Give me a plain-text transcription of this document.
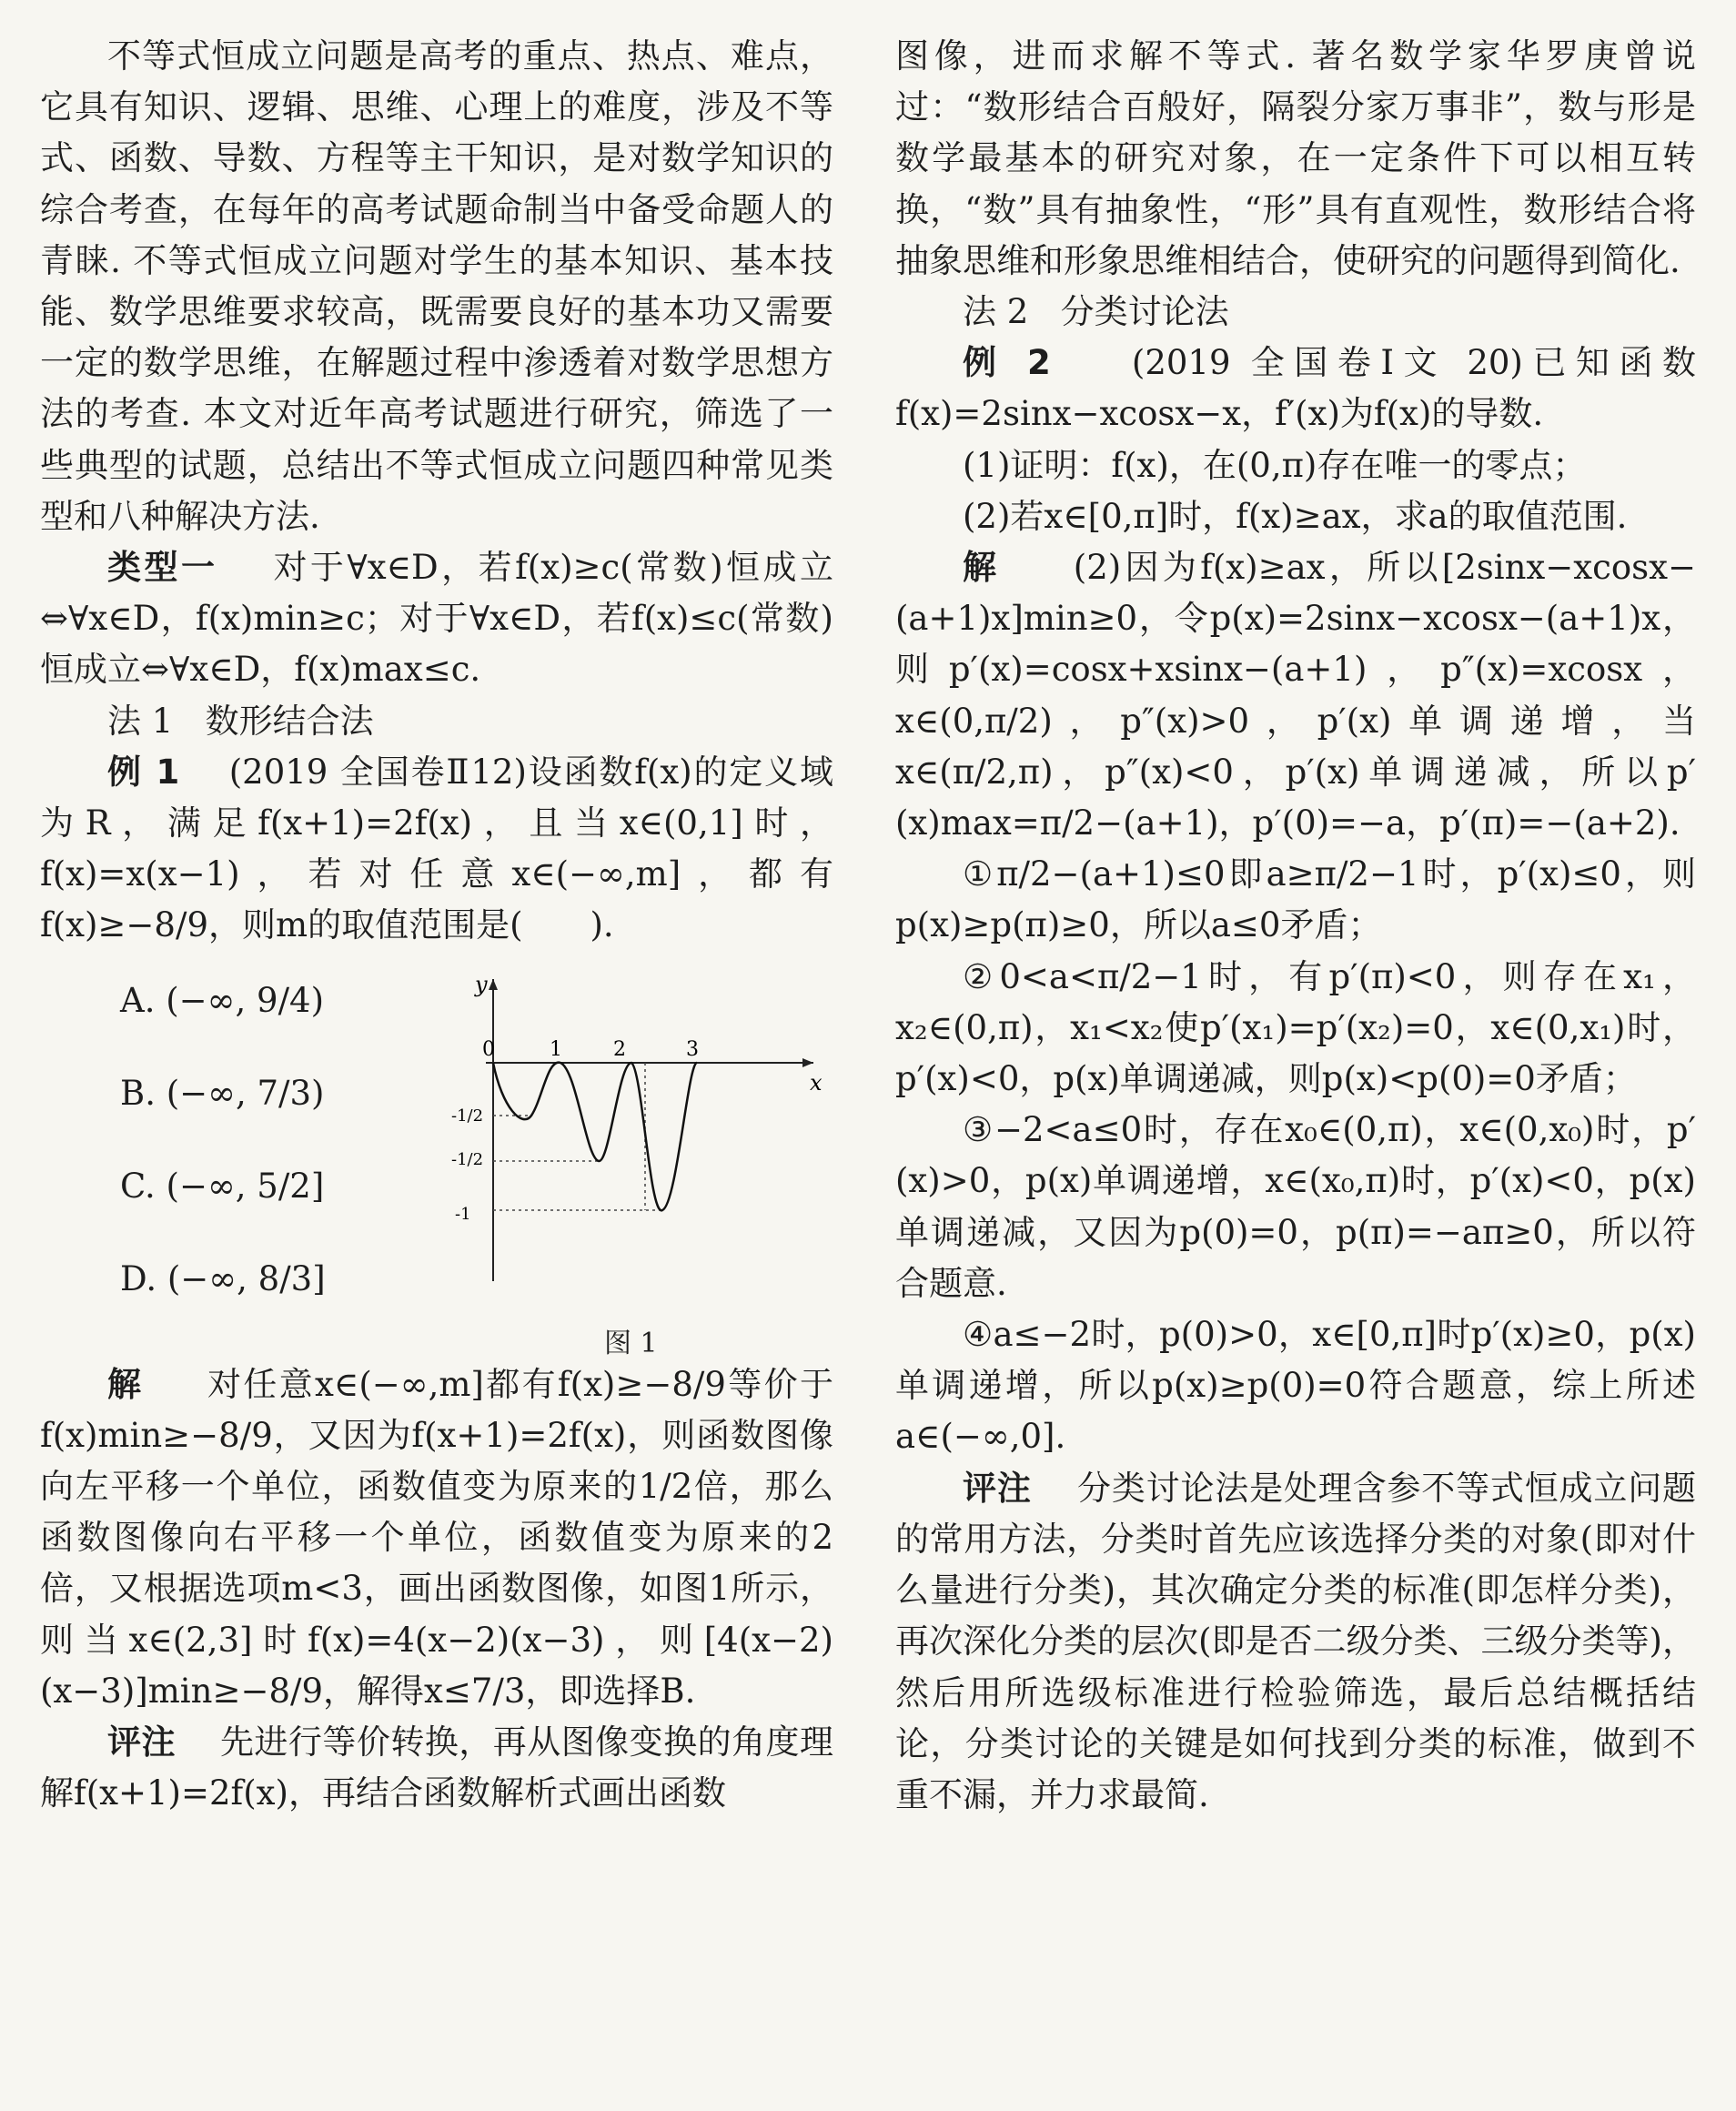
不等式恒成立问题是高考的重点、热点、难点，它具有知识、逻辑、思维、心理上的难度，涉及不等式、函数、导数、方程等主干知识，是对数学知识的综合考查，在每年的高考试题命制当中备受命题人的青睐. 不等式恒成立问题对学生的基本知识、基本技能、数学思维要求较高，既需要良好的基本功又需要一定的数学思维，在解题过程中渗透着对数学思想方法的考查. 本文对近年高考试题进行研究，筛选了一些典型的试题，总结出不等式恒成立问题四种常见类型和八种解决方法.

类型一 对于∀x∈D，若f(x)≥c(常数)恒成立⇔∀x∈D，f(x)min≥c；对于∀x∈D，若f(x)≤c(常数)恒成立⇔∀x∈D，f(x)max≤c.

法 1 数形结合法

例 1 (2019 全国卷Ⅱ12)设函数f(x)的定义域为R，满足f(x+1)=2f(x)，且当x∈(0,1]时，f(x)=x(x−1)，若对任意x∈(−∞,m]，都有f(x)≥−8/9，则m的取值范围是(　　).

A. (−∞, 9/4)
B. (−∞, 7/3)
C. (−∞, 5/2]
D. (−∞, 8/3]
y
x
0	1	2	3
-1/2
-1/2
-1
图 1

解 对任意x∈(−∞,m]都有f(x)≥−8/9等价于f(x)min≥−8/9，又因为f(x+1)=2f(x)，则函数图像向左平移一个单位，函数值变为原来的1/2倍，那么函数图像向右平移一个单位，函数值变为原来的2倍，又根据选项m<3，画出函数图像，如图1所示，则当x∈(2,3]时f(x)=4(x−2)(x−3)，则[4(x−2)(x−3)]min≥−8/9，解得x≤7/3，即选择B.

评注 先进行等价转换，再从图像变换的角度理解f(x+1)=2f(x)，再结合函数解析式画出函数

图像，进而求解不等式. 著名数学家华罗庚曾说过：“数形结合百般好，隔裂分家万事非”，数与形是数学最基本的研究对象，在一定条件下可以相互转换，“数”具有抽象性，“形”具有直观性，数形结合将抽象思维和形象思维相结合，使研究的问题得到简化.

法 2 分类讨论法

例 2 (2019 全国卷Ⅰ文 20)已知函数f(x)=2sinx−xcosx−x，f′(x)为f(x)的导数.

(1)证明：f(x)，在(0,π)存在唯一的零点；

(2)若x∈[0,π]时，f(x)≥ax，求a的取值范围.

解 (2)因为f(x)≥ax，所以[2sinx−xcosx−(a+1)x]min≥0，令p(x)=2sinx−xcosx−(a+1)x，则p′(x)=cosx+xsinx−(a+1)，p″(x)=xcosx，x∈(0,π/2)，p″(x)>0，p′(x)单调递增，当x∈(π/2,π)，p″(x)<0，p′(x)单调递减，所以p′(x)max=π/2−(a+1)，p′(0)=−a，p′(π)=−(a+2).

①π/2−(a+1)≤0即a≥π/2−1时，p′(x)≤0，则p(x)≥p(π)≥0，所以a≤0矛盾；

②0<a<π/2−1时，有p′(π)<0，则存在x₁，x₂∈(0,π)，x₁<x₂使p′(x₁)=p′(x₂)=0，x∈(0,x₁)时，p′(x)<0，p(x)单调递减，则p(x)<p(0)=0矛盾；

③−2<a≤0时，存在x₀∈(0,π)，x∈(0,x₀)时，p′(x)>0，p(x)单调递增，x∈(x₀,π)时，p′(x)<0，p(x)单调递减，又因为p(0)=0，p(π)=−aπ≥0，所以符合题意.

④a≤−2时，p(0)>0，x∈[0,π]时p′(x)≥0，p(x)单调递增，所以p(x)≥p(0)=0符合题意，综上所述a∈(−∞,0].

评注 分类讨论法是处理含参不等式恒成立问题的常用方法，分类时首先应该选择分类的对象(即对什么量进行分类)，其次确定分类的标准(即怎样分类)，再次深化分类的层次(即是否二级分类、三级分类等)，然后用所选级标准进行检验筛选，最后总结概括结论，分类讨论的关键是如何找到分类的标准，做到不重不漏，并力求最简.
